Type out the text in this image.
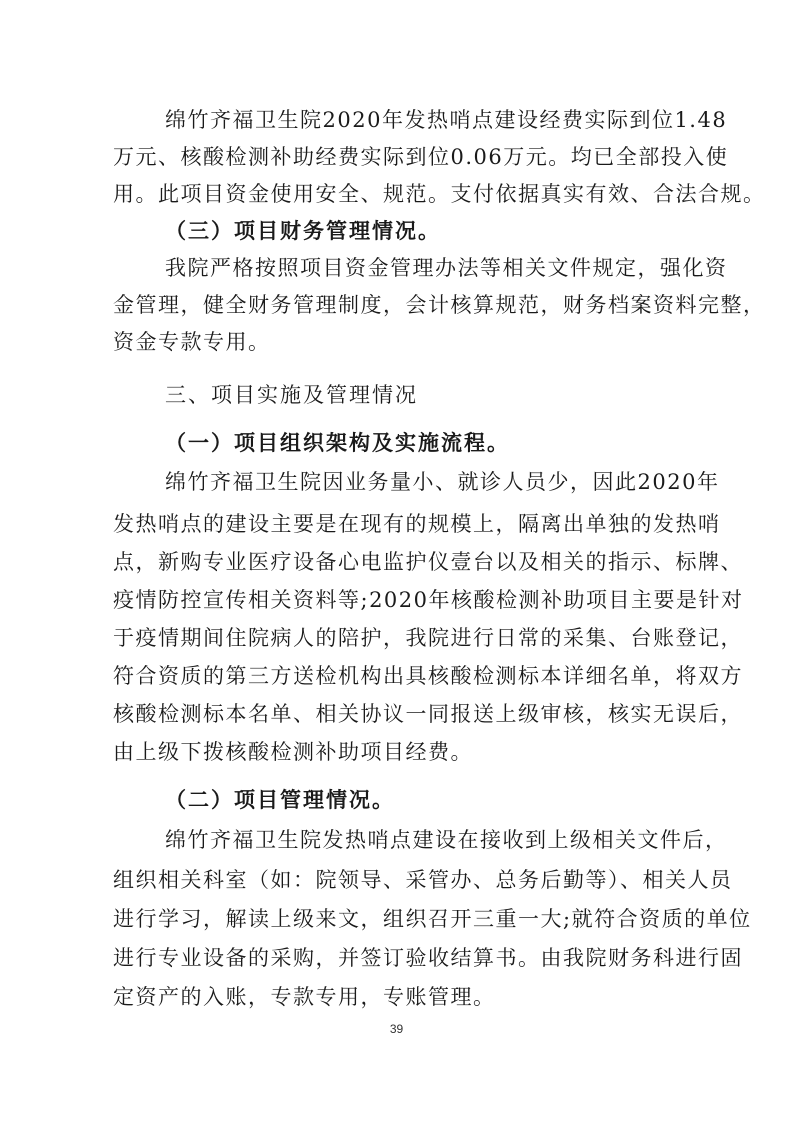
绵竹齐福卫生院2020年发热哨点建设经费实际到位1.48
万元、核酸检测补助经费实际到位0.06万元。均已全部投入使
用。此项目资金使用安全、规范。支付依据真实有效、合法合规。
（三）项目财务管理情况。
我院严格按照项目资金管理办法等相关文件规定，强化资
金管理，健全财务管理制度，会计核算规范，财务档案资料完整，
资金专款专用。
三、项目实施及管理情况
（一）项目组织架构及实施流程。
绵竹齐福卫生院因业务量小、就诊人员少，因此2020年
发热哨点的建设主要是在现有的规模上，隔离出单独的发热哨
点，新购专业医疗设备心电监护仪壹台以及相关的指示、标牌、
疫情防控宣传相关资料等;2020年核酸检测补助项目主要是针对
于疫情期间住院病人的陪护，我院进行日常的采集、台账登记，
符合资质的第三方送检机构出具核酸检测标本详细名单，将双方
核酸检测标本名单、相关协议一同报送上级审核，核实无误后，
由上级下拨核酸检测补助项目经费。
（二）项目管理情况。
绵竹齐福卫生院发热哨点建设在接收到上级相关文件后，
组织相关科室（如：院领导、采管办、总务后勤等）、相关人员
进行学习，解读上级来文，组织召开三重一大;就符合资质的单位
进行专业设备的采购，并签订验收结算书。由我院财务科进行固
定资产的入账，专款专用，专账管理。
39
